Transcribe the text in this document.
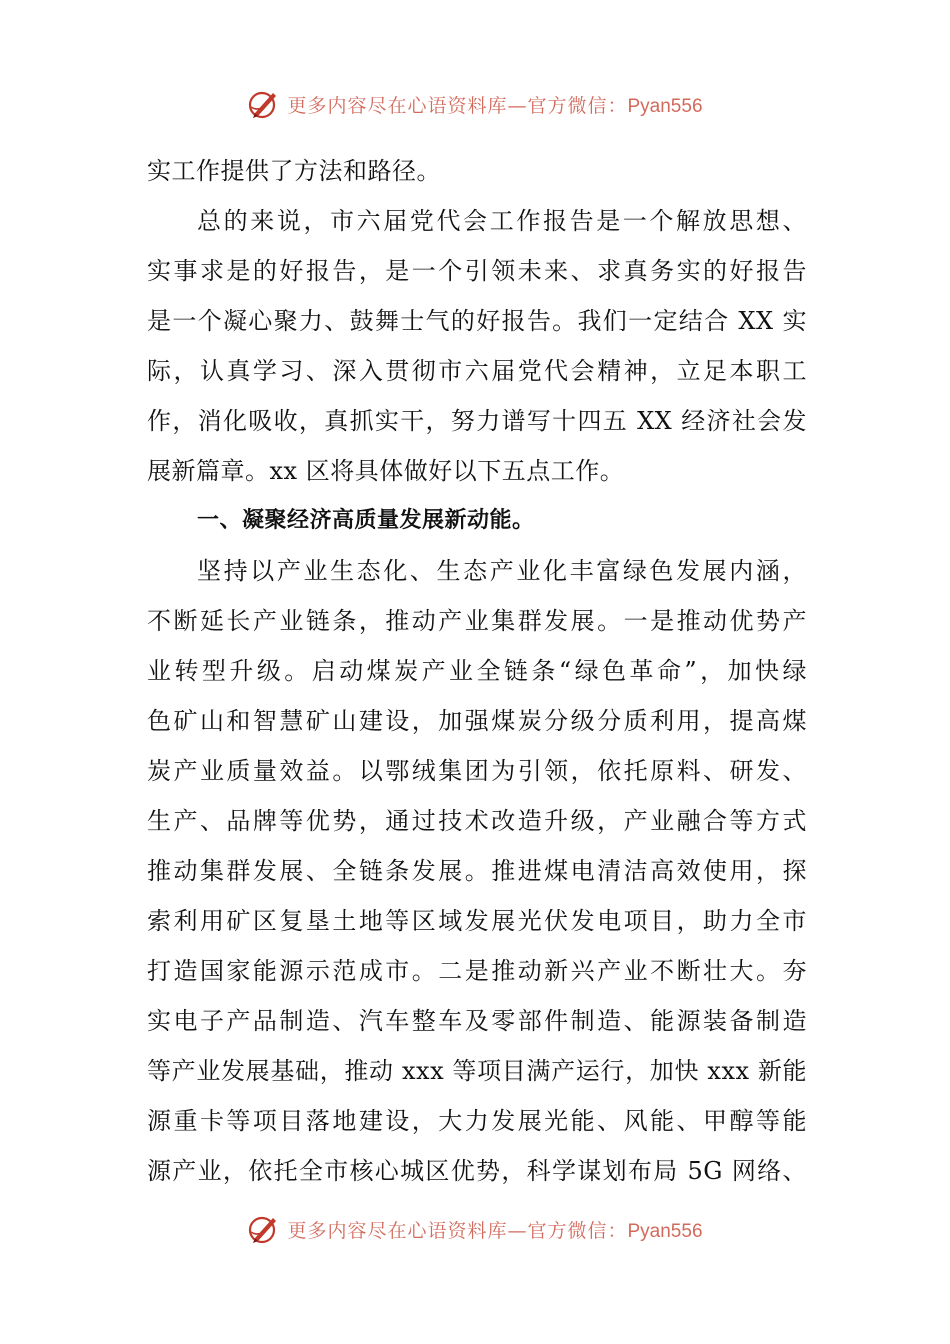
更多内容尽在心语资料库—官方微信：Pyan556
实工作提供了方法和路径。
总的来说，市六届党代会工作报告是一个解放思想、
实事求是的好报告，是一个引领未来、求真务实的好报告
是一个凝心聚力、鼓舞士气的好报告。我们一定结合 XX 实
际，认真学习、深入贯彻市六届党代会精神，立足本职工
作，消化吸收，真抓实干，努力谱写十四五 XX 经济社会发
展新篇章。xx 区将具体做好以下五点工作。
一、凝聚经济高质量发展新动能。
坚持以产业生态化、生态产业化丰富绿色发展内涵，
不断延长产业链条，推动产业集群发展。一是推动优势产
业转型升级。启动煤炭产业全链条“绿色革命”，加快绿
色矿山和智慧矿山建设，加强煤炭分级分质利用，提高煤
炭产业质量效益。以鄂绒集团为引领，依托原料、研发、
生产、品牌等优势，通过技术改造升级，产业融合等方式
推动集群发展、全链条发展。推进煤电清洁高效使用，探
索利用矿区复垦土地等区域发展光伏发电项目，助力全市
打造国家能源示范成市。二是推动新兴产业不断壮大。夯
实电子产品制造、汽车整车及零部件制造、能源装备制造
等产业发展基础，推动 xxx 等项目满产运行，加快 xxx 新能
源重卡等项目落地建设，大力发展光能、风能、甲醇等能
源产业，依托全市核心城区优势，科学谋划布局 5G 网络、
更多内容尽在心语资料库—官方微信：Pyan556
